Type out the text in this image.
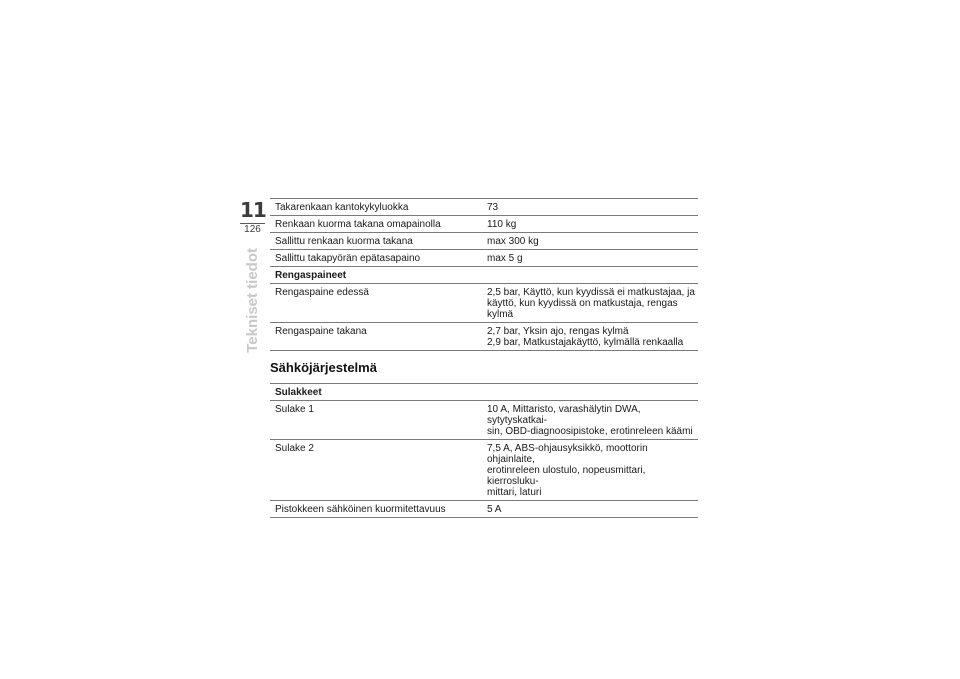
11
126
Tekniset tiedot
Takarenkaan kantokykyluokka	73
Renkaan kuorma takana omapainolla	110 kg
Sallittu renkaan kuorma takana	max 300 kg
Sallittu takapyörän epätasapaino	max 5 g
Rengaspaineet
Rengaspaine edessä	2,5 bar, Käyttö, kun kyydissä ei matkustajaa, ja
käyttö, kun kyydissä on matkustaja, rengas kylmä
Rengaspaine takana	2,7 bar, Yksin ajo, rengas kylmä
2,9 bar, Matkustajakäyttö, kylmällä renkaalla
Sähköjärjestelmä
Sulakkeet
Sulake 1	10 A, Mittaristo, varashälytin DWA, sytytyskatkai-
sin, OBD-diagnoosipistoke, erotinreleen käämi
Sulake 2	7,5 A, ABS-ohjausyksikkö, moottorin ohjainlaite,
erotinreleen ulostulo, nopeusmittari, kierrosluku-
mittari, laturi
Pistokkeen sähköinen kuormitettavuus	5 A
